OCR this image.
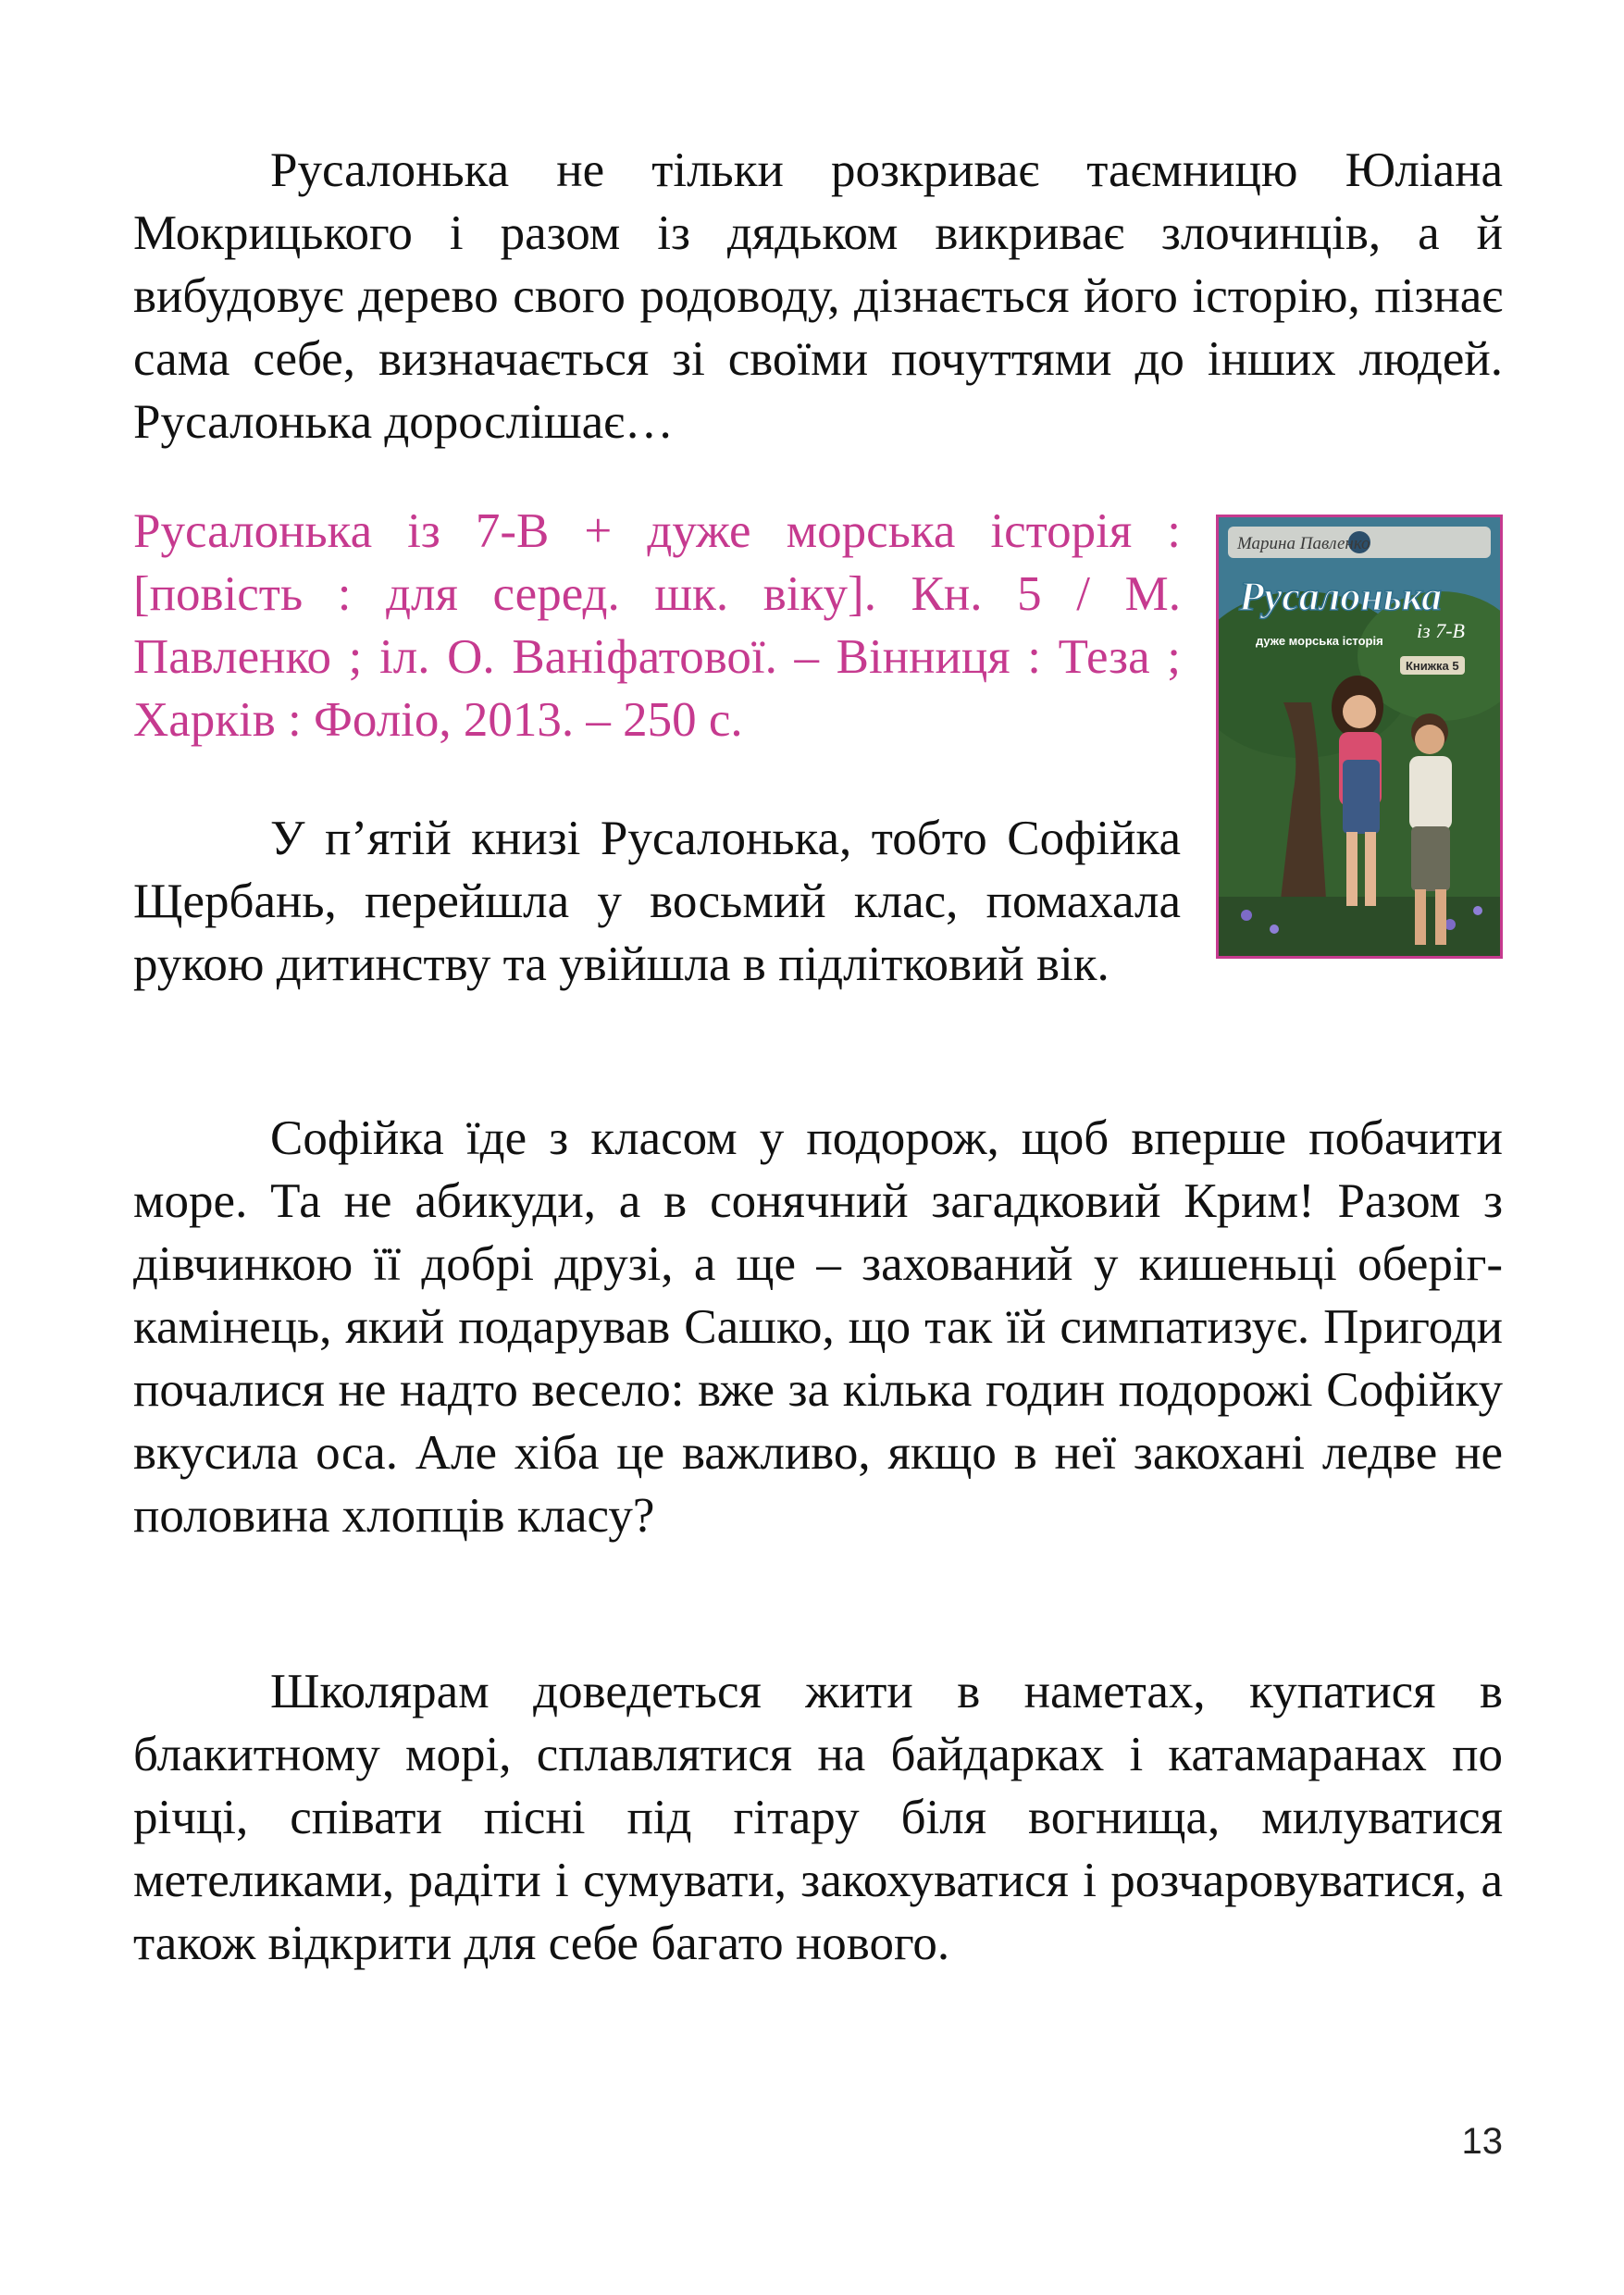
Русалонька не тільки розкриває таємницю Юліана Мокрицького і разом із дядьком викриває злочинців, а й вибудовує дерево свого родоводу, дізнається його історію, пізнає сама себе, визначається зі своїми почуттями до інших людей. Русалонька дорослішає…

Русалонька із 7-В + дуже морська історія : [повість : для серед. шк. віку]. Кн. 5 / М. Павленко ; іл. О. Ваніфатової. – Вінниця : Теза ; Харків : Фоліо, 2013. – 250 с.

Марина Павленко
Русалонька
із 7-В
дуже морська історія
Книжка 5

У п’ятій книзі Русалонька, тобто Софійка Щербань, перейшла у восьмий клас, помахала рукою дитинству та увійшла в підлітковий вік.

Софійка їде з класом у подорож, щоб вперше побачити море. Та не абикуди, а в сонячний загадковий Крим! Разом з дівчинкою її добрі друзі, а ще – захований у кишеньці оберіг-камінець, який подарував Сашко, що так їй симпатизує. Пригоди почалися не надто весело: вже за кілька годин подорожі Софійку вкусила оса. Але хіба це важливо, якщо в неї закохані ледве не половина хлопців класу?

Школярам доведеться жити в наметах, купатися в блакитному морі, сплавлятися на байдарках і катамаранах по річці, співати пісні під гітару біля вогнища, милуватися метеликами, радіти і сумувати, закохуватися і розчаровуватися, а також відкрити для себе багато нового.

13
